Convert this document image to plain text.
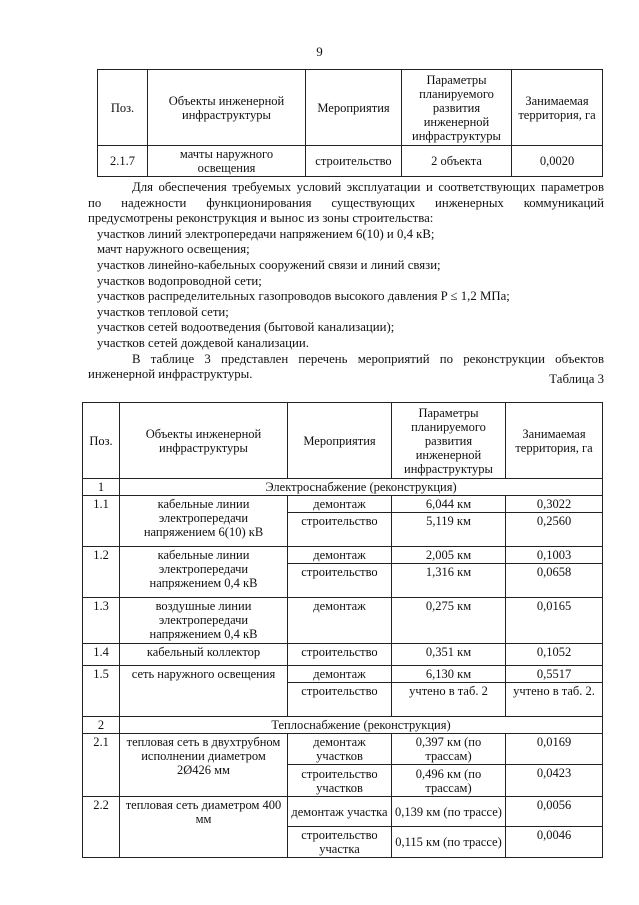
9
Поз.	Объекты инженерной инфраструктуры	Мероприятия	Параметры планируемого развития инженерной инфраструктуры	Занимаемая территория, га
2.1.7	мачты наружного освещения	строительство	2 объекта	0,0020
Для обеспечения требуемых условий эксплуатации и соответствующих параметров по надежности функционирования существующих инженерных коммуникаций предусмотрены реконструкция и вынос из зоны строительства:
участков линий электропередачи напряжением 6(10) и 0,4 кВ;
мачт наружного освещения;
участков линейно-кабельных сооружений связи и линий связи;
участков водопроводной сети;
участков распределительных газопроводов высокого давления P ≤ 1,2 МПа;
участков тепловой сети;
участков сетей водоотведения (бытовой канализации);
участков сетей дождевой канализации.
В таблице 3 представлен перечень мероприятий по реконструкции объектов инженерной инфраструктуры.	Таблица 3
Поз.	Объекты инженерной инфраструктуры	Мероприятия	Параметры планируемого развития инженерной инфраструктуры	Занимаемая территория, га
1	Электроснабжение (реконструкция)			
1.1	кабельные линии электропередачи напряжением 6(10) кВ	демонтаж	6,044 км	0,3022
		строительство	5,119 км	0,2560
1.2	кабельные линии электропередачи напряжением 0,4 кВ	демонтаж	2,005 км	0,1003
		строительство	1,316 км	0,0658
1.3	воздушные линии электропередачи напряжением 0,4 кВ	демонтаж	0,275 км	0,0165
1.4	кабельный коллектор	строительство	0,351 км	0,1052
1.5	сеть наружного освещения	демонтаж	6,130 км	0,5517
		строительство	учтено в таб. 2	учтено в таб. 2.
2	Теплоснабжение (реконструкция)			
2.1	тепловая сеть в двухтрубном исполнении диаметром 2Ø426 мм	демонтаж участков	0,397 км (по трассам)	0,0169
		строительство участков	0,496 км (по трассам)	0,0423
2.2	тепловая сеть диаметром 400 мм	демонтаж участка	0,139 км (по трассе)	0,0056
		строительство участка	0,115 км (по трассе)	0,0046
